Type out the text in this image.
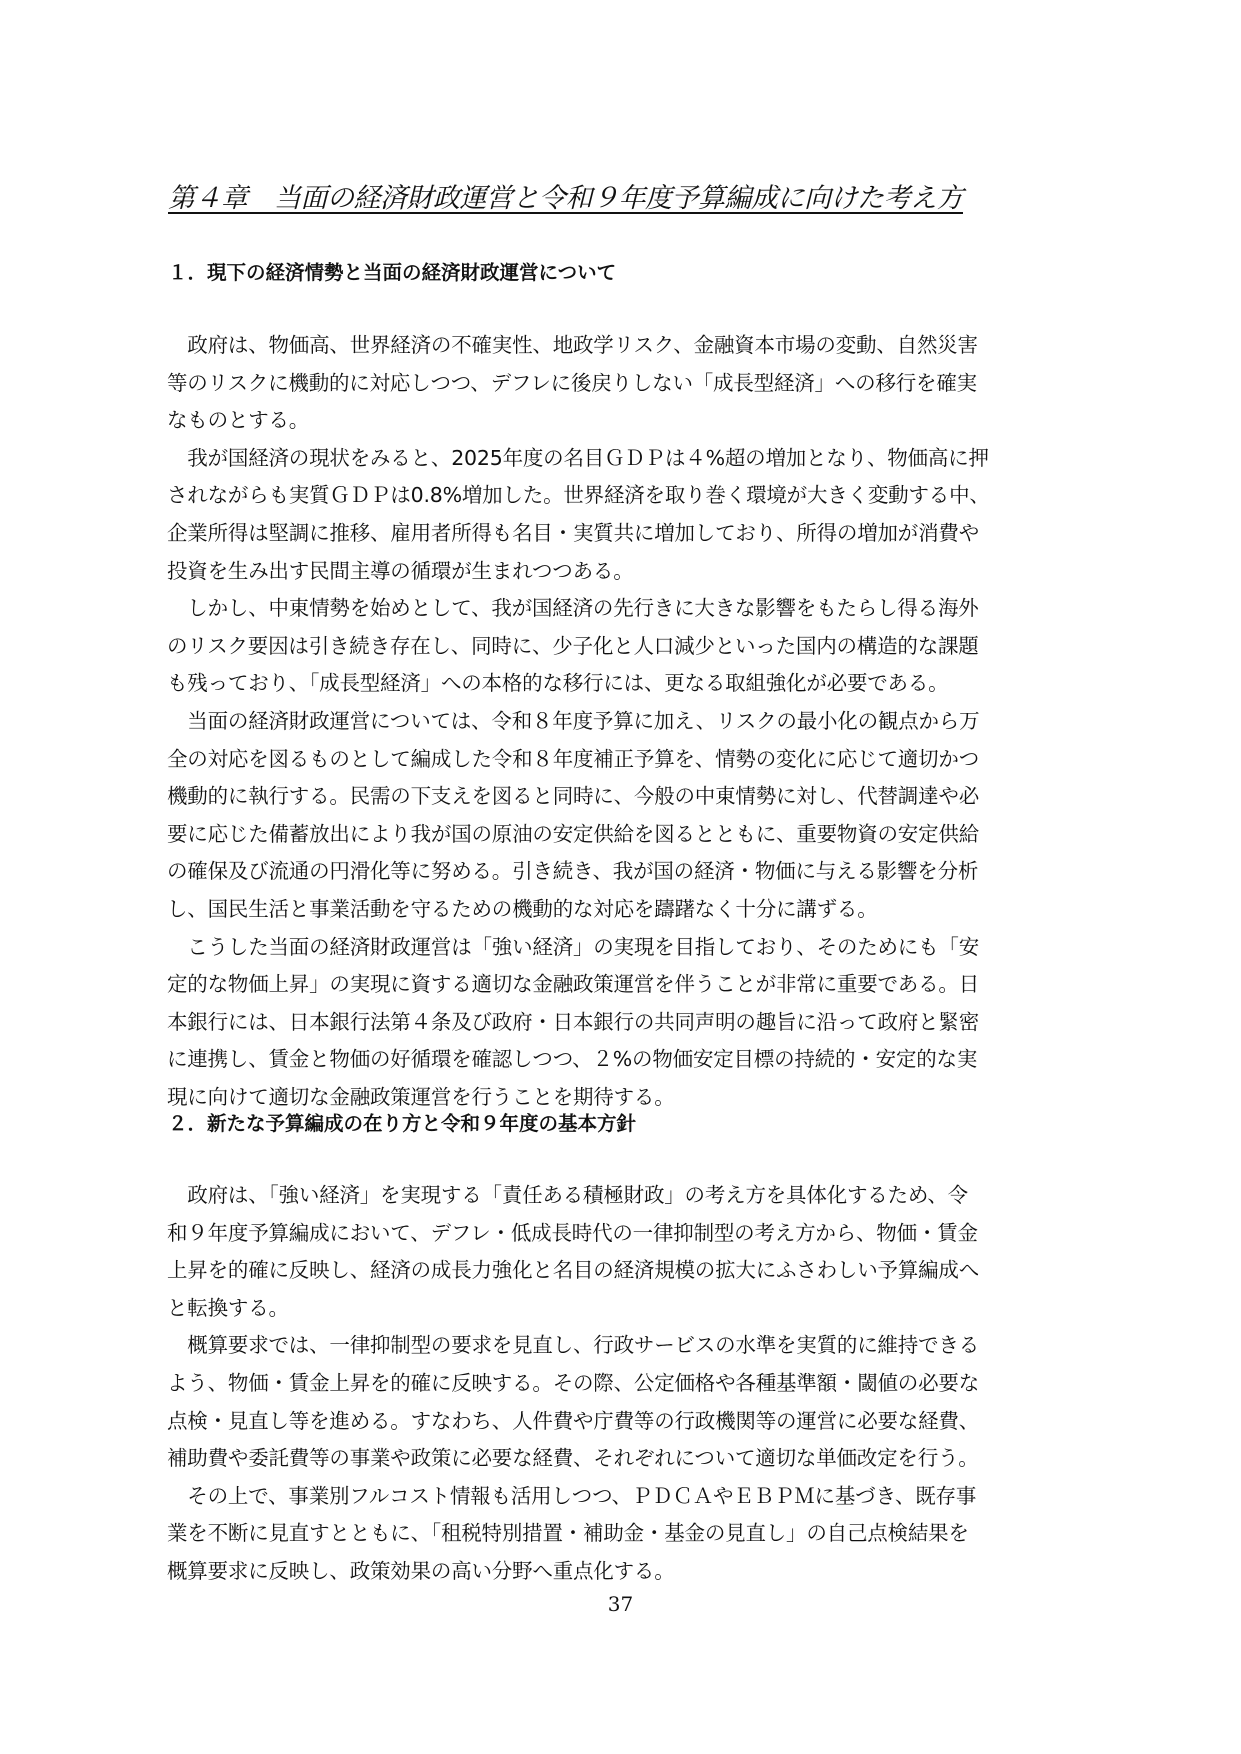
第４章　当面の経済財政運営と令和９年度予算編成に向けた考え方
１．現下の経済情勢と当面の経済財政運営について
　政府は、物価高、世界経済の不確実性、地政学リスク、金融資本市場の変動、自然災害
等のリスクに機動的に対応しつつ、デフレに後戻りしない「成長型経済」への移行を確実
なものとする。
　我が国経済の現状をみると、2025年度の名目ＧＤＰは４%超の増加となり、物価高に押
されながらも実質ＧＤＰは0.8%増加した。世界経済を取り巻く環境が大きく変動する中、
企業所得は堅調に推移、雇用者所得も名目・実質共に増加しており、所得の増加が消費や
投資を生み出す民間主導の循環が生まれつつある。
　しかし、中東情勢を始めとして、我が国経済の先行きに大きな影響をもたらし得る海外
のリスク要因は引き続き存在し、同時に、少子化と人口減少といった国内の構造的な課題
も残っており、「成長型経済」への本格的な移行には、更なる取組強化が必要である。
　当面の経済財政運営については、令和８年度予算に加え、リスクの最小化の観点から万
全の対応を図るものとして編成した令和８年度補正予算を、情勢の変化に応じて適切かつ
機動的に執行する。民需の下支えを図ると同時に、今般の中東情勢に対し、代替調達や必
要に応じた備蓄放出により我が国の原油の安定供給を図るとともに、重要物資の安定供給
の確保及び流通の円滑化等に努める。引き続き、我が国の経済・物価に与える影響を分析
し、国民生活と事業活動を守るための機動的な対応を躊躇なく十分に講ずる。
　こうした当面の経済財政運営は「強い経済」の実現を目指しており、そのためにも「安
定的な物価上昇」の実現に資する適切な金融政策運営を伴うことが非常に重要である。日
本銀行には、日本銀行法第４条及び政府・日本銀行の共同声明の趣旨に沿って政府と緊密
に連携し、賃金と物価の好循環を確認しつつ、２%の物価安定目標の持続的・安定的な実
現に向けて適切な金融政策運営を行うことを期待する。
２．新たな予算編成の在り方と令和９年度の基本方針
　政府は、「強い経済」を実現する「責任ある積極財政」の考え方を具体化するため、令
和９年度予算編成において、デフレ・低成長時代の一律抑制型の考え方から、物価・賃金
上昇を的確に反映し、経済の成長力強化と名目の経済規模の拡大にふさわしい予算編成へ
と転換する。
　概算要求では、一律抑制型の要求を見直し、行政サービスの水準を実質的に維持できる
よう、物価・賃金上昇を的確に反映する。その際、公定価格や各種基準額・閾値の必要な
点検・見直し等を進める。すなわち、人件費や庁費等の行政機関等の運営に必要な経費、
補助費や委託費等の事業や政策に必要な経費、それぞれについて適切な単価改定を行う。
　その上で、事業別フルコスト情報も活用しつつ、ＰＤＣＡやＥＢＰＭに基づき、既存事
業を不断に見直すとともに、「租税特別措置・補助金・基金の見直し」の自己点検結果を
概算要求に反映し、政策効果の高い分野へ重点化する。
37
